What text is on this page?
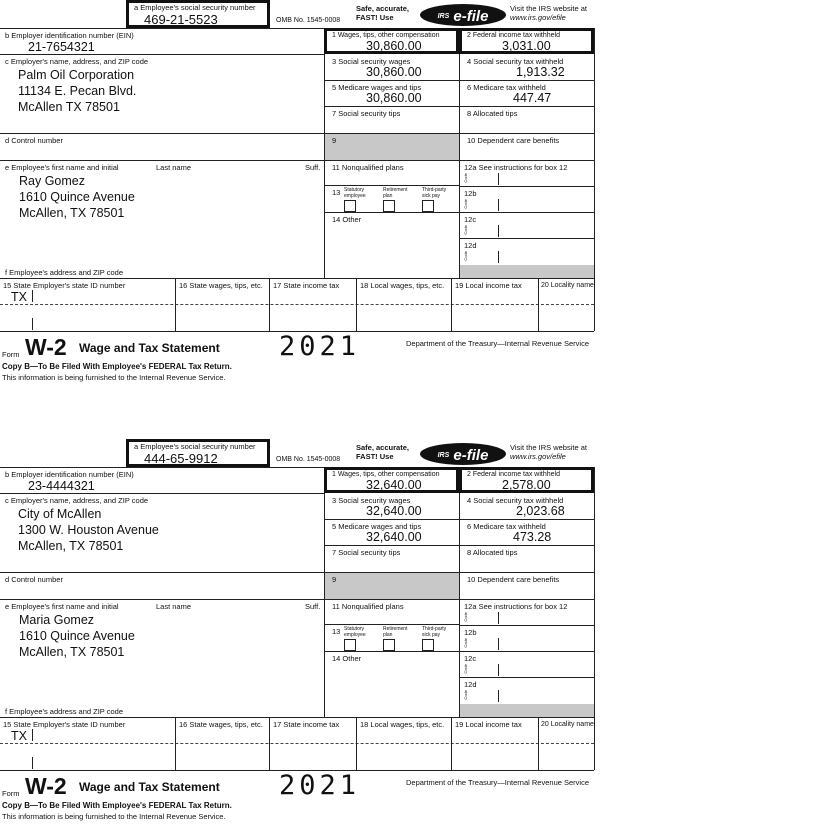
a Employee's social security number
469-21-5523	OMB No. 1545-0008
Safe, accurate,
FAST! Use	$^{IRS}$ e-file	Visit the IRS website at
www.irs.gov/efile
b Employer identification number (EIN)
21-7654321
1 Wages, tips, other compensation
30,860.00
2 Federal income tax withheld
3,031.00
c Employer's name, address, and ZIP code
Palm Oil Corporation
11134 E. Pecan Blvd.
McAllen TX 78501
3 Social security wages
30,860.00
4 Social security tax withheld
1,913.32
5 Medicare wages and tips
30,860.00
6 Medicare tax withheld
447.47
7 Social security tips	8 Allocated tips
d Control number	9	10 Dependent care benefits
e Employee's first name and initial	Last name	Suff.
Ray Gomez
1610 Quince Avenue
McAllen, TX 78501
f Employee's address and ZIP code
11 Nonqualified plans	12a See instructions for box 12
13 Statutory
employee
Retirement
plan
Third-party
sick pay
14 Other
12b
12c
12d
Code
Code
Code
Code
15 State Employer's state ID number	16 State wages, tips, etc. 17 State income tax	18 Local wages, tips, etc. 19 Local income tax	20 Locality name
TX
Form W-2 Wage and Tax Statement 2021	Department of the Treasury—Internal Revenue Service
Copy B—To Be Filed With Employee's FEDERAL Tax Return.
This information is being furnished to the Internal Revenue Service.
a Employee's social security number
444-65-9912	OMB No. 1545-0008
Safe, accurate,
FAST! Use	$^{IRS}$ e-file	Visit the IRS website at
www.irs.gov/efile
b Employer identification number (EIN)
23-4444321
1 Wages, tips, other compensation
32,640.00
2 Federal income tax withheld
2,578.00
c Employer's name, address, and ZIP code
City of McAllen
1300 W. Houston Avenue
McAllen, TX 78501
3 Social security wages
32,640.00
4 Social security tax withheld
2,023.68
5 Medicare wages and tips
32,640.00
6 Medicare tax withheld
473.28
7 Social security tips	8 Allocated tips
d Control number	9	10 Dependent care benefits
e Employee's first name and initial	Last name	Suff.
Maria Gomez
1610 Quince Avenue
McAllen, TX 78501
f Employee's address and ZIP code
11 Nonqualified plans	12a See instructions for box 12
13 Statutory
employee
Retirement
plan
Third-party
sick pay
14 Other
12b
12c
12d
Code
Code
Code
Code
15 State Employer's state ID number	16 State wages, tips, etc. 17 State income tax	18 Local wages, tips, etc. 19 Local income tax	20 Locality name
TX
Form W-2 Wage and Tax Statement 2021	Department of the Treasury—Internal Revenue Service
Copy B—To Be Filed With Employee's FEDERAL Tax Return.
This information is being furnished to the Internal Revenue Service.
